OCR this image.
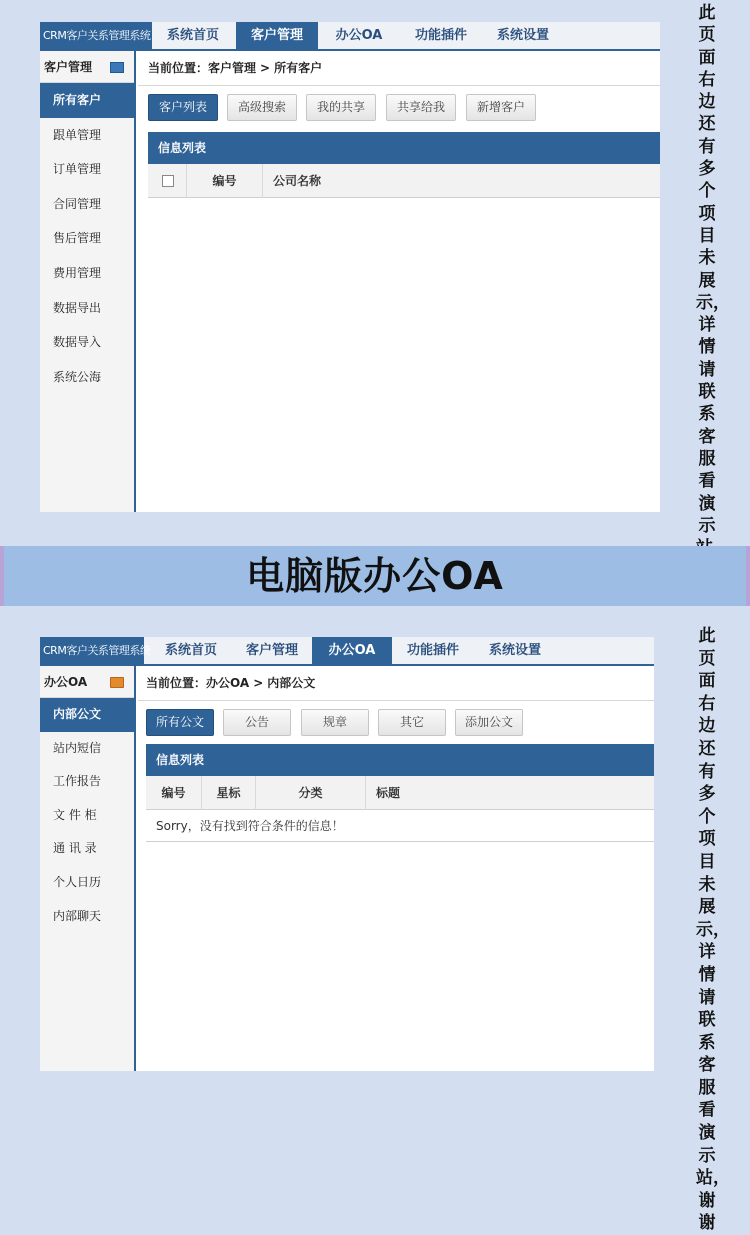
CRM客户关系管理系统	系统首页	客户管理	办公OA	功能插件	系统设置
客户管理
所有客户
跟单管理
订单管理
合同管理
售后管理
费用管理
数据导出
数据导入
系统公海
当前位置：客户管理 > 所有客户
客户列表	高级搜索	我的共享	共享给我	新增客户
信息列表
编号	公司名称
此页面右边还有多个项目未展示，详情请联系客服看演示
电脑版办公OA
CRM客户关系管理系统	系统首页	客户管理	办公OA	功能插件	系统设置
办公OA
内部公文
站内短信
工作报告
文 件 柜
通 讯 录
个人日历
内部聊天
当前位置：办公OA > 内部公文
所有公文	公告	规章	其它	添加公文
信息列表
编号	星标	分类	标题
Sorry，没有找到符合条件的信息！
此页面右边还有多个项目未展示，详情请联系客服看演示站，谢谢
